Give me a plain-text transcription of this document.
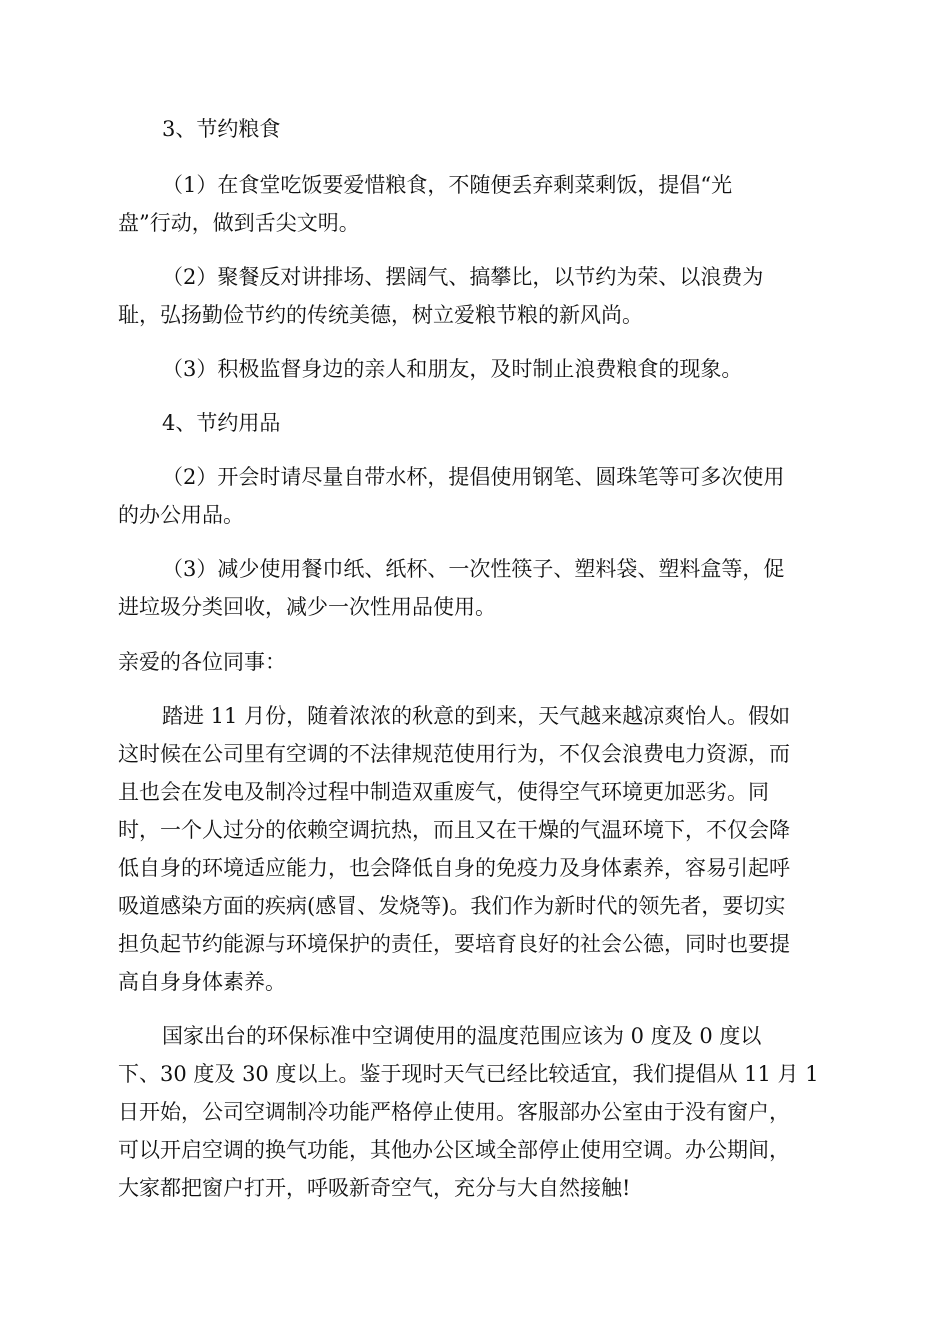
3、节约粮食

（1）在食堂吃饭要爱惜粮食，不随便丢弃剩菜剩饭，提倡“光
盘”行动，做到舌尖文明。

（2）聚餐反对讲排场、摆阔气、搞攀比，以节约为荣、以浪费为
耻，弘扬勤俭节约的传统美德，树立爱粮节粮的新风尚。

（3）积极监督身边的亲人和朋友，及时制止浪费粮食的现象。

4、节约用品

（2）开会时请尽量自带水杯，提倡使用钢笔、圆珠笔等可多次使用
的办公用品。

（3）减少使用餐巾纸、纸杯、一次性筷子、塑料袋、塑料盒等，促
进垃圾分类回收，减少一次性用品使用。

亲爱的各位同事：

踏进 11 月份，随着浓浓的秋意的到来，天气越来越凉爽怡人。假如
这时候在公司里有空调的不法律规范使用行为，不仅会浪费电力资源，而
且也会在发电及制冷过程中制造双重废气，使得空气环境更加恶劣。同
时，一个人过分的依赖空调抗热，而且又在干燥的气温环境下，不仅会降
低自身的环境适应能力，也会降低自身的免疫力及身体素养，容易引起呼
吸道感染方面的疾病(感冒、发烧等)。我们作为新时代的领先者，要切实
担负起节约能源与环境保护的责任，要培育良好的社会公德，同时也要提
高自身身体素养。

国家出台的环保标准中空调使用的温度范围应该为 0 度及 0 度以
下、30 度及 30 度以上。鉴于现时天气已经比较适宜，我们提倡从 11 月 1
日开始，公司空调制冷功能严格停止使用。客服部办公室由于没有窗户，
可以开启空调的换气功能，其他办公区域全部停止使用空调。办公期间，
大家都把窗户打开，呼吸新奇空气，充分与大自然接触!
